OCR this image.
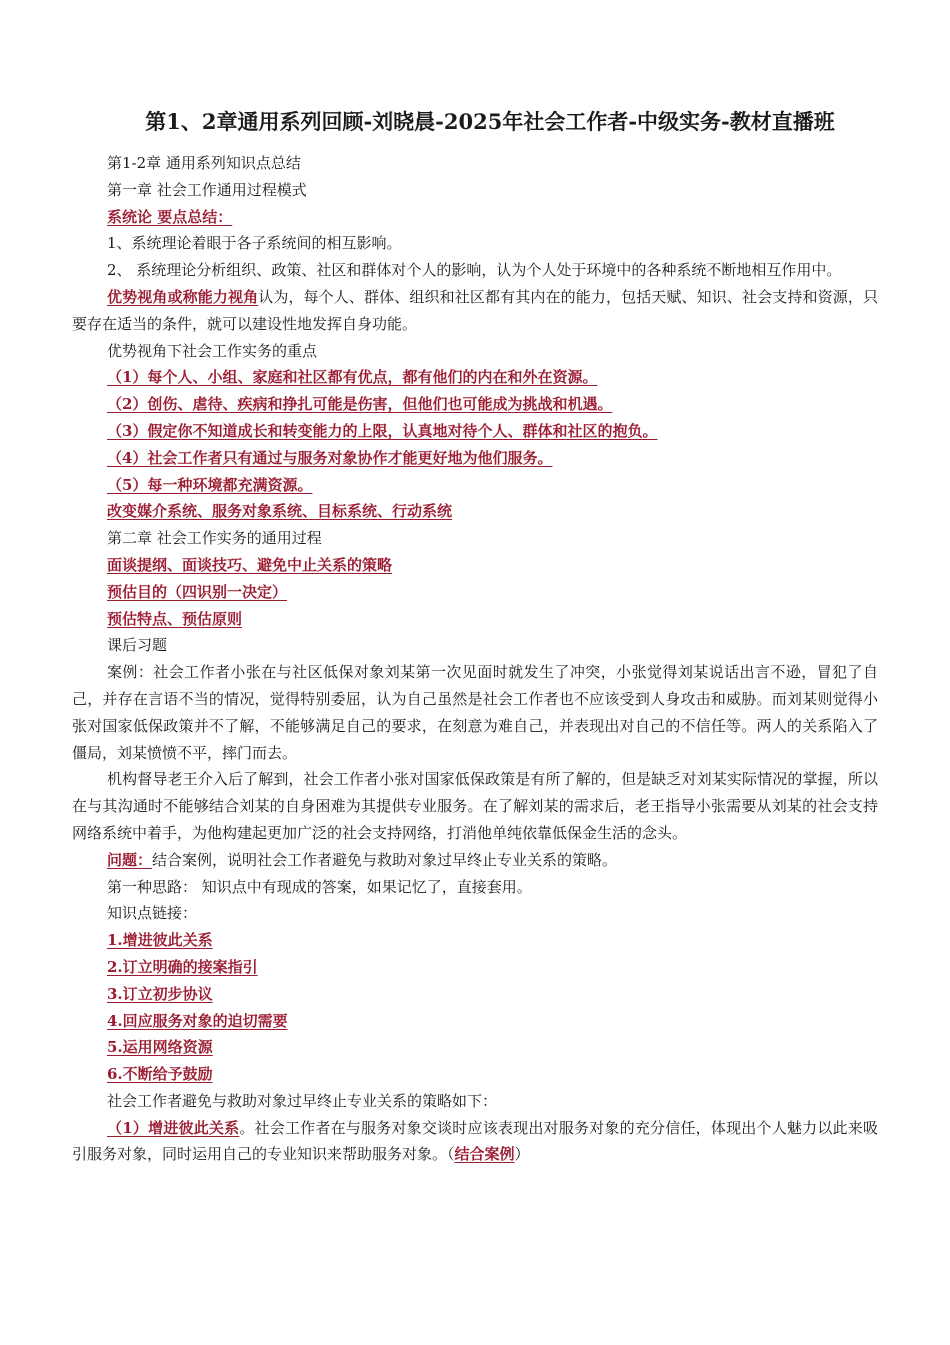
第1、2章通用系列回顾-刘晓晨-2025年社会工作者-中级实务-教材直播班

第1-2章 通用系列知识点总结

第一章 社会工作通用过程模式

系统论 要点总结：

1、系统理论着眼于各子系统间的相互影响。

2、 系统理论分析组织、政策、社区和群体对个人的影响，认为个人处于环境中的各种系统不断地相互作用中。

优势视角或称能力视角认为，每个人、群体、组织和社区都有其内在的能力，包括天赋、知识、社会支持和资源，只要存在适当的条件，就可以建设性地发挥自身功能。

优势视角下社会工作实务的重点

（1）每个人、小组、家庭和社区都有优点，都有他们的内在和外在资源。

（2）创伤、虐待、疾病和挣扎可能是伤害，但他们也可能成为挑战和机遇。

（3）假定你不知道成长和转变能力的上限，认真地对待个人、群体和社区的抱负。

（4）社会工作者只有通过与服务对象协作才能更好地为他们服务。

（5）每一种环境都充满资源。

改变媒介系统、服务对象系统、目标系统、行动系统

第二章 社会工作实务的通用过程

面谈提纲、面谈技巧、避免中止关系的策略

预估目的（四识别一决定）

预估特点、预估原则

课后习题

案例：社会工作者小张在与社区低保对象刘某第一次见面时就发生了冲突，小张觉得刘某说话出言不逊，冒犯了自己，并存在言语不当的情况，觉得特别委屈，认为自己虽然是社会工作者也不应该受到人身攻击和威胁。而刘某则觉得小张对国家低保政策并不了解，不能够满足自己的要求，在刻意为难自己，并表现出对自己的不信任等。两人的关系陷入了僵局，刘某愤愤不平，摔门而去。

机构督导老王介入后了解到，社会工作者小张对国家低保政策是有所了解的，但是缺乏对刘某实际情况的掌握，所以在与其沟通时不能够结合刘某的自身困难为其提供专业服务。在了解刘某的需求后，老王指导小张需要从刘某的社会支持网络系统中着手，为他构建起更加广泛的社会支持网络，打消他单纯依靠低保金生活的念头。

问题：结合案例，说明社会工作者避免与救助对象过早终止专业关系的策略。

第一种思路： 知识点中有现成的答案，如果记忆了，直接套用。

知识点链接：

1.增进彼此关系

2.订立明确的接案指引

3.订立初步协议

4.回应服务对象的迫切需要

5.运用网络资源

6.不断给予鼓励

社会工作者避免与救助对象过早终止专业关系的策略如下：

（1）增进彼此关系。社会工作者在与服务对象交谈时应该表现出对服务对象的充分信任，体现出个人魅力以此来吸引服务对象，同时运用自己的专业知识来帮助服务对象。（结合案例）
